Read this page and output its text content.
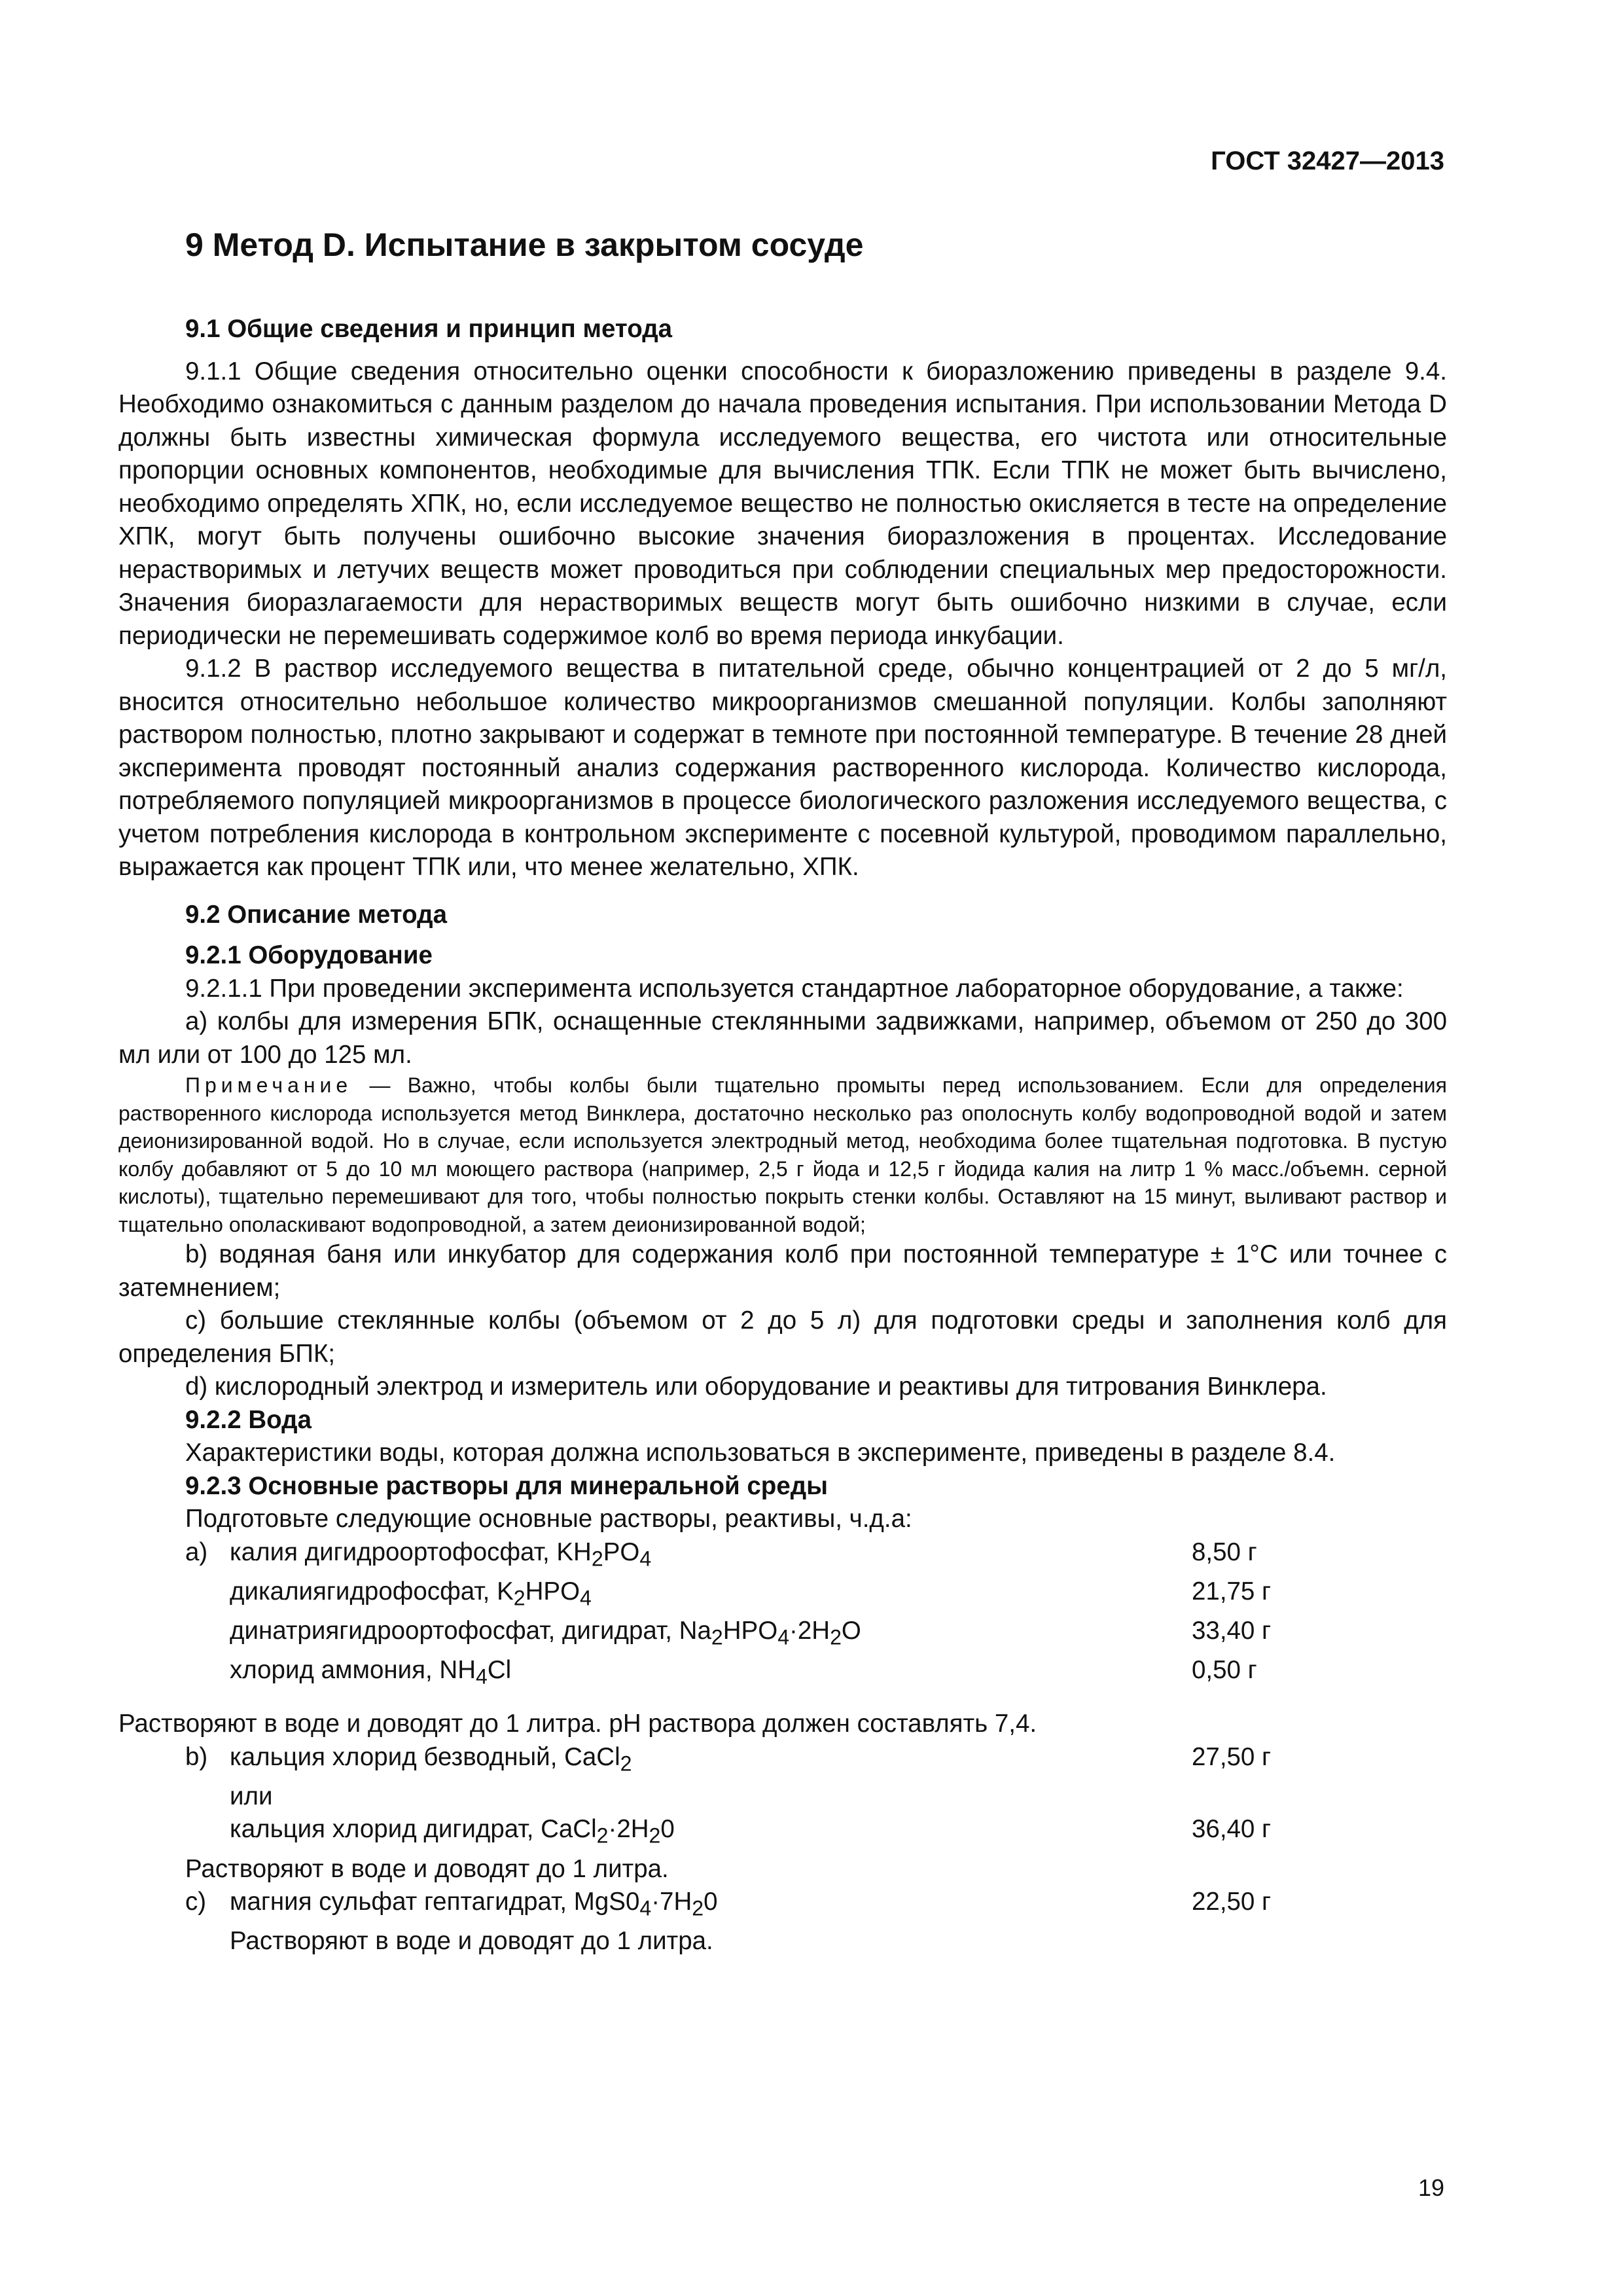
ГОСТ 32427—2013
9 Метод D. Испытание в закрытом сосуде

9.1 Общие сведения и принцип метода

9.1.1 Общие сведения относительно оценки способности к биоразложению приведены в разделе 9.4. Необходимо ознакомиться с данным разделом до начала проведения испытания. При использовании Метода D должны быть известны химическая формула исследуемого вещества, его чистота или относительные пропорции основных компонентов, необходимые для вычисления ТПК. Если ТПК не может быть вычислено, необходимо определять ХПК, но, если исследуемое вещество не полностью окисляется в тесте на определение ХПК, могут быть получены ошибочно высокие значения биоразложения в процентах. Исследование нерастворимых и летучих веществ может проводиться при соблюдении специальных мер предосторожности. Значения биоразлагаемости для нерастворимых веществ могут быть ошибочно низкими в случае, если периодически не перемешивать содержимое колб во время периода инкубации.

9.1.2 В раствор исследуемого вещества в питательной среде, обычно концентрацией от 2 до 5 мг/л, вносится относительно небольшое количество микроорганизмов смешанной популяции. Колбы заполняют раствором полностью, плотно закрывают и содержат в темноте при постоянной температуре. В течение 28 дней эксперимента проводят постоянный анализ содержания растворенного кислорода. Количество кислорода, потребляемого популяцией микроорганизмов в процессе биологического разложения исследуемого вещества, с учетом потребления кислорода в контрольном эксперименте с посевной культурой, проводимом параллельно, выражается как процент ТПК или, что менее желательно, ХПК.

9.2 Описание метода

9.2.1 Оборудование

9.2.1.1 При проведении эксперимента используется стандартное лабораторное оборудование, а также:

а) колбы для измерения БПК, оснащенные стеклянными задвижками, например, объемом от 250 до 300 мл или от 100 до 125 мл.

Примечание — Важно, чтобы колбы были тщательно промыты перед использованием. Если для определения растворенного кислорода используется метод Винклера, достаточно несколько раз ополоснуть колбу водопроводной водой и затем деионизированной водой. Но в случае, если используется электродный метод, необходима более тщательная подготовка. В пустую колбу добавляют от 5 до 10 мл моющего раствора (например, 2,5 г йода и 12,5 г йодида калия на литр 1 % масс./объемн. серной кислоты), тщательно перемешивают для того, чтобы полностью покрыть стенки колбы. Оставляют на 15 минут, выливают раствор и тщательно ополаскивают водопроводной, а затем деионизированной водой;

b) водяная баня или инкубатор для содержания колб при постоянной температуре ± 1°С или точнее с затемнением;

с) большие стеклянные колбы (объемом от 2 до 5 л) для подготовки среды и заполнения колб для определения БПК;

d) кислородный электрод и измеритель или оборудование и реактивы для титрования Винклера.

9.2.2 Вода

Характеристики воды, которая должна использоваться в эксперименте, приведены в разделе 8.4.

9.2.3 Основные растворы для минеральной среды

Подготовьте следующие основные растворы, реактивы, ч.д.а:

а) калия дигидроортофосфат, $KH_2PO_4$	8,50 г
дикалиягидрофосфат, $K_2HPO_4$	21,75 г
динатриягидроортофосфат, дигидрат, $Na_2HPO_4\cdot 2H_2O$	33,40 г
хлорид аммония, $NH_4Cl$	0,50 г

Растворяют в воде и доводят до 1 литра. pH раствора должен составлять 7,4.

b) кальция хлорид безводный, CaCl$_2$	27,50 г
или
кальция хлорид дигидрат, $CaCl_2\cdot 2H_20$	36,40 г

Растворяют в воде и доводят до 1 литра.

с) магния сульфат гептагидрат, $MgS0_4\cdot 7H_20$	22,50 г
Растворяют в воде и доводят до 1 литра.
19
